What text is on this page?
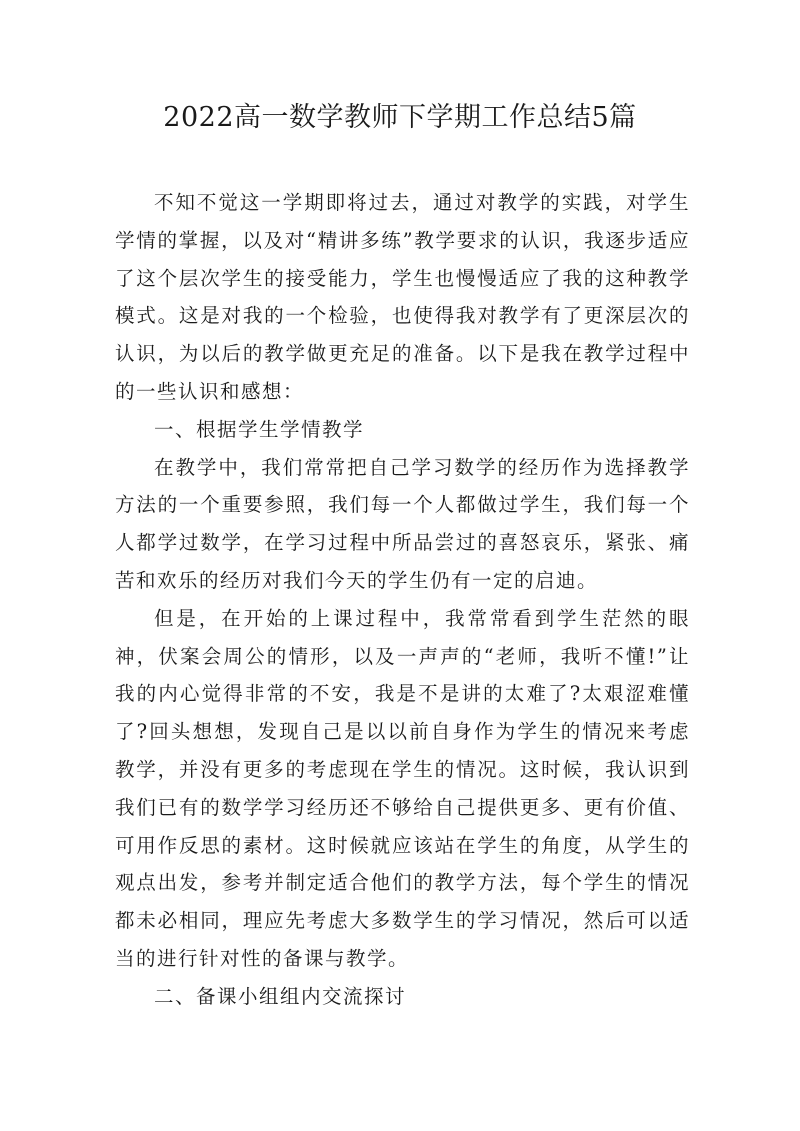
2022高一数学教师下学期工作总结5篇

不知不觉这一学期即将过去，通过对教学的实践，对学生学情的掌握，以及对“精讲多练”教学要求的认识，我逐步适应了这个层次学生的接受能力，学生也慢慢适应了我的这种教学模式。这是对我的一个检验，也使得我对教学有了更深层次的认识，为以后的教学做更充足的准备。以下是我在教学过程中的一些认识和感想：

一、根据学生学情教学

在教学中，我们常常把自己学习数学的经历作为选择教学方法的一个重要参照，我们每一个人都做过学生，我们每一个人都学过数学，在学习过程中所品尝过的喜怒哀乐，紧张、痛苦和欢乐的经历对我们今天的学生仍有一定的启迪。

但是，在开始的上课过程中，我常常看到学生茫然的眼神，伏案会周公的情形，以及一声声的“老师，我听不懂!”让我的内心觉得非常的不安，我是不是讲的太难了?太艰涩难懂了?回头想想，发现自己是以以前自身作为学生的情况来考虑教学，并没有更多的考虑现在学生的情况。这时候，我认识到我们已有的数学学习经历还不够给自己提供更多、更有价值、可用作反思的素材。这时候就应该站在学生的角度，从学生的观点出发，参考并制定适合他们的教学方法，每个学生的情况都未必相同，理应先考虑大多数学生的学习情况，然后可以适当的进行针对性的备课与教学。

二、备课小组组内交流探讨
